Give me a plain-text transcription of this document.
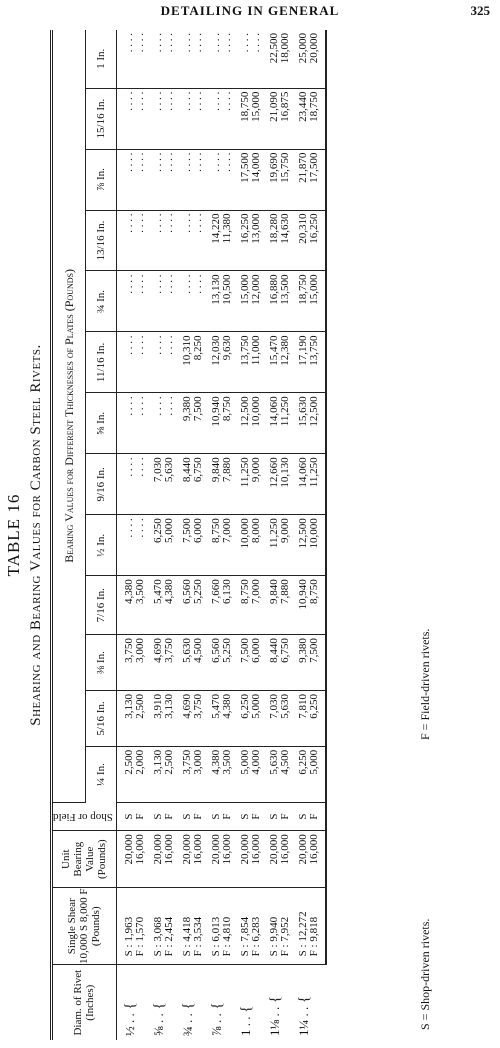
DETAILING IN GENERAL	325
TABLE 16 Shearing and Bearing Values for Carbon Steel Rivets.
Diam. of Rivet (Inches)	Single Shear 10,000 S 8,000 F (Pounds)	Unit Bearing Value (Pounds)	Shop or Field	Bearing Values for Different Thicknesses of Plates (Pounds)												
				¼ In.	5/16 In.	⅜ In.	7/16 In.	½ In.	9/16 In.	⅝ In.	11/16 In.	¾ In.	13/16 In.	⅞ In.	15/16 In.	1 In.
½ . . {	S : 1,963	20,000	S	2,500	3,130	3,750	4,380	. . . .	. . . .	. . . .	. . . .	. . . .	. . . .	. . . .	. . . .	. . . .
	F : 1,570	16,000	F	2,000	2,500	3,000	3,500	. . . .	. . . .	. . . .	. . . .	. . . .	. . . .	. . . .	. . . .	. . . .
⅝ . . {	S : 3,068	20,000	S	3,130	3,910	4,690	5,470	6,250	7,030	. . . .	. . . .	. . . .	. . . .	. . . .	. . . .	. . . .
	F : 2,454	16,000	F	2,500	3,130	3,750	4,380	5,000	5,630	. . . .	. . . .	. . . .	. . . .	. . . .	. . . .	. . . .
¾ . . {	S : 4,418	20,000	S	3,750	4,690	5,630	6,560	7,500	8,440	9,380	10,310	. . . .	. . . .	. . . .	. . . .	. . . .
	F : 3,534	16,000	F	3,000	3,750	4,500	5,250	6,000	6,750	7,500	8,250	. . . .	. . . .	. . . .	. . . .	. . . .
⅞ . . {	S : 6,013	20,000	S	4,380	5,470	6,560	7,660	8,750	9,840	10,940	12,030	13,130	14,220	. . . .	. . . .	. . . .
	F : 4,810	16,000	F	3,500	4,380	5,250	6,130	7,000	7,880	8,750	9,630	10,500	11,380	. . . .	. . . .	. . . .
1 . . {	S : 7,854	20,000	S	5,000	6,250	7,500	8,750	10,000	11,250	12,500	13,750	15,000	16,250	17,500	18,750	. . . .
	F : 6,283	16,000	F	4,000	5,000	6,000	7,000	8,000	9,000	10,000	11,000	12,000	13,000	14,000	15,000	. . . .
1⅛ . . {	S : 9,940	20,000	S	5,630	7,030	8,440	9,840	11,250	12,660	14,060	15,470	16,880	18,280	19,690	21,090	22,500
	F : 7,952	16,000	F	4,500	5,630	6,750	7,880	9,000	10,130	11,250	12,380	13,500	14,630	15,750	16,875	18,000
1¼ . . {	S : 12,272	20,000	S	6,250	7,810	9,380	10,940	12,500	14,060	15,630	17,190	18,750	20,310	21,870	23,440	25,000
	F : 9,818	16,000	F	5,000	6,250	7,500	8,750	10,000	11,250	12,500	13,750	15,000	16,250	17,500	18,750	20,000
S = Shop-driven rivets.
F = Field-driven rivets.
